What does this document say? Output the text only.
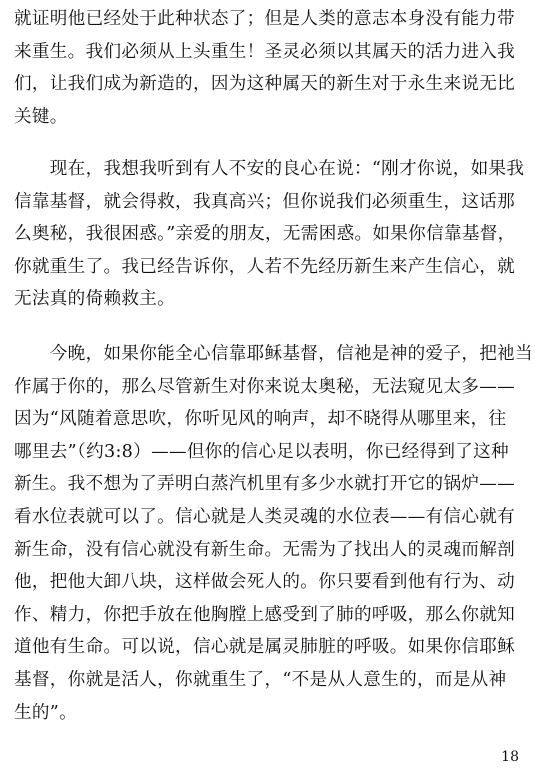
就证明他已经处于此种状态了；但是人类的意志本身没有能力带
来重生。我们必须从上头重生！圣灵必须以其属天的活力进入我
们，让我们成为新造的，因为这种属天的新生对于永生来说无比
关键。
　　现在，我想我听到有人不安的良心在说：“刚才你说，如果我
信靠基督，就会得救，我真高兴；但你说我们必须重生，这话那
么奥秘，我很困惑。”亲爱的朋友，无需困惑。如果你信靠基督，
你就重生了。我已经告诉你，人若不先经历新生来产生信心，就
无法真的倚赖救主。
　　今晚，如果你能全心信靠耶稣基督，信祂是神的爱子，把祂当
作属于你的，那么尽管新生对你来说太奥秘，无法窥见太多——
因为“风随着意思吹，你听见风的响声，却不晓得从哪里来，往
哪里去”（约3:8）——但你的信心足以表明，你已经得到了这种
新生。我不想为了弄明白蒸汽机里有多少水就打开它的锅炉——
看水位表就可以了。信心就是人类灵魂的水位表——有信心就有
新生命，没有信心就没有新生命。无需为了找出人的灵魂而解剖
他，把他大卸八块，这样做会死人的。你只要看到他有行为、动
作、精力，你把手放在他胸膛上感受到了肺的呼吸，那么你就知
道他有生命。可以说，信心就是属灵肺脏的呼吸。如果你信耶稣
基督，你就是活人，你就重生了，“不是从人意生的，而是从神
生的”。
18
